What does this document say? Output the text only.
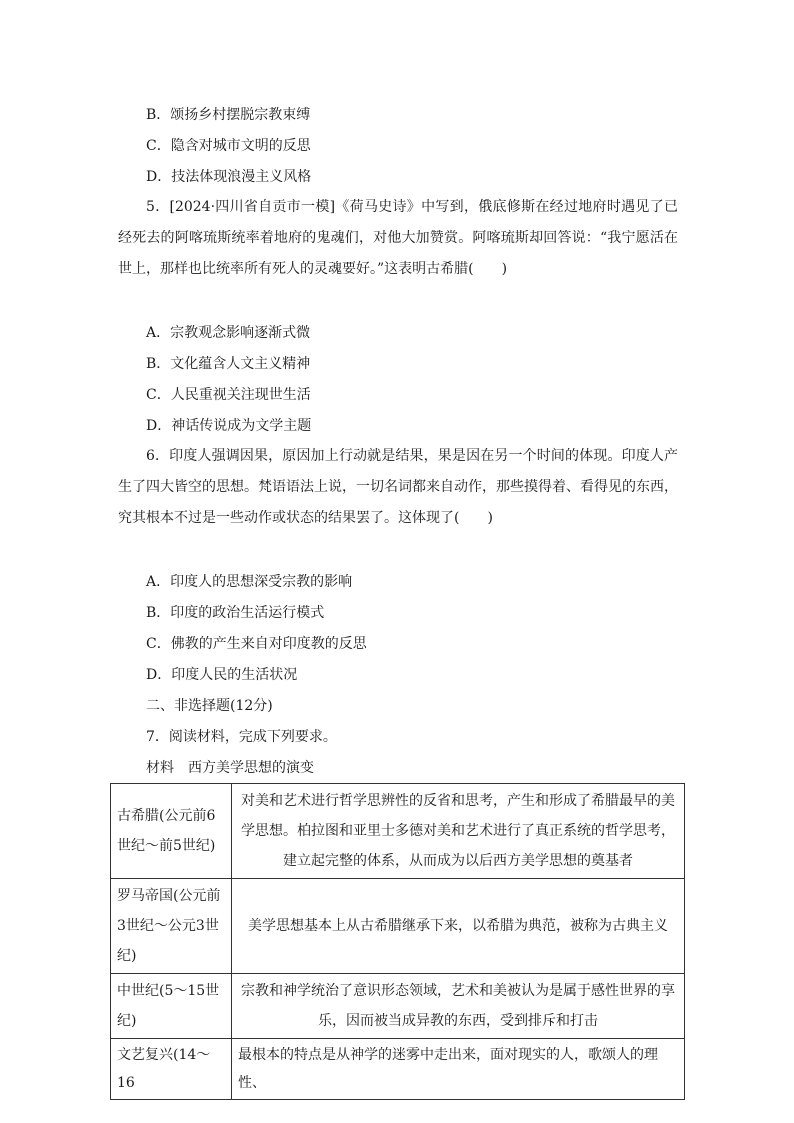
B．颂扬乡村摆脱宗教束缚
C．隐含对城市文明的反思
D．技法体现浪漫主义风格
5．[2024·四川省自贡市一模]《荷马史诗》中写到，俄底修斯在经过地府时遇见了已经死去的阿喀琉斯统率着地府的鬼魂们，对他大加赞赏。阿喀琉斯却回答说：“我宁愿活在世上，那样也比统率所有死人的灵魂要好。”这表明古希腊(　　)
A．宗教观念影响逐渐式微
B．文化蕴含人文主义精神
C．人民重视关注现世生活
D．神话传说成为文学主题
6．印度人强调因果，原因加上行动就是结果，果是因在另一个时间的体现。印度人产生了四大皆空的思想。梵语语法上说，一切名词都来自动作，那些摸得着、看得见的东西，究其根本不过是一些动作或状态的结果罢了。这体现了(　　)
A．印度人的思想深受宗教的影响
B．印度的政治生活运行模式
C．佛教的产生来自对印度教的反思
D．印度人民的生活状况
二、非选择题(12分)
7．阅读材料，完成下列要求。
材料　西方美学思想的演变
古希腊(公元前6世纪～前5世纪)	对美和艺术进行哲学思辨性的反省和思考，产生和形成了希腊最早的美学思想。柏拉图和亚里士多德对美和艺术进行了真正系统的哲学思考，建立起完整的体系，从而成为以后西方美学思想的奠基者
罗马帝国(公元前3世纪～公元3世纪)	美学思想基本上从古希腊继承下来，以希腊为典范，被称为古典主义
中世纪(5～15世纪)	宗教和神学统治了意识形态领域，艺术和美被认为是属于感性世界的享乐，因而被当成异教的东西，受到排斥和打击
文艺复兴(14～16	最根本的特点是从神学的迷雾中走出来，面对现实的人，歌颂人的理性、
